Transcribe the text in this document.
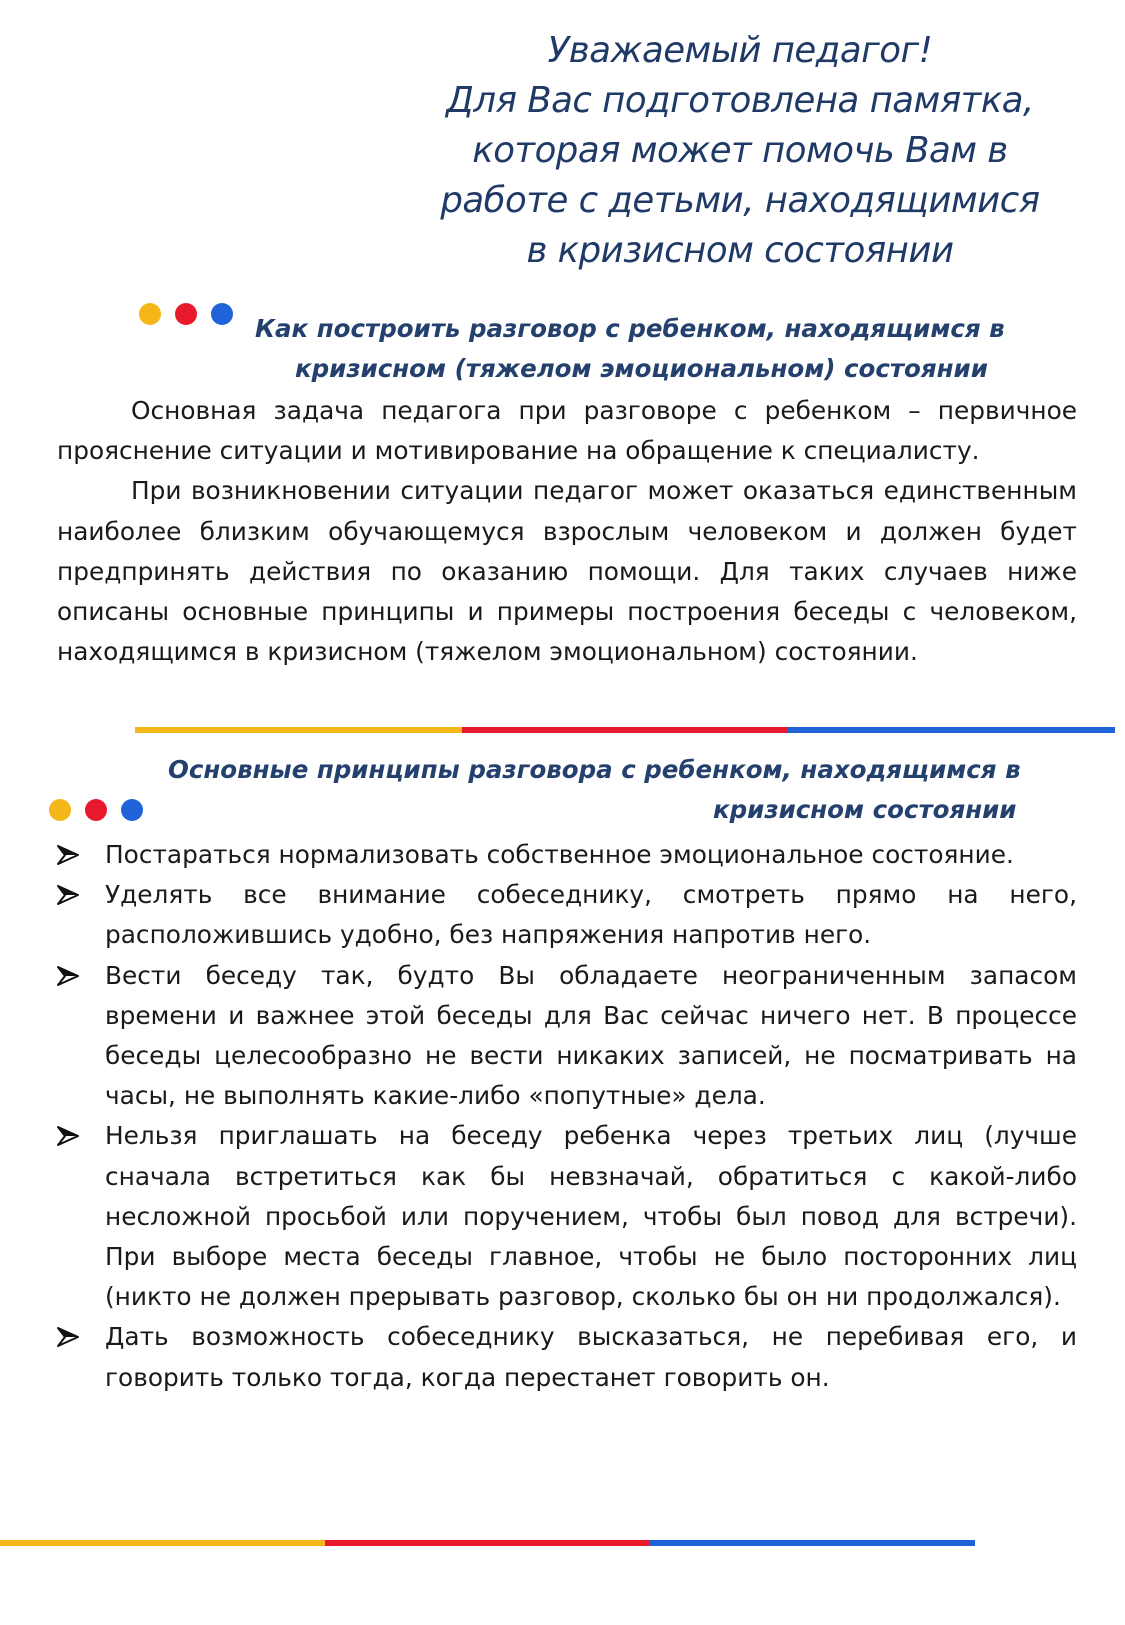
Уважаемый педагог!
Для Вас подготовлена памятка,
которая может помочь Вам в
работе с детьми, находящимися
в кризисном состоянии
Как построить разговор с ребенком, находящимся в
кризисном (тяжелом эмоциональном) состоянии

Основная задача педагога при разговоре с ребенком – первичное прояснение ситуации и мотивирование на обращение к специалисту.

При возникновении ситуации педагог может оказаться единственным наиболее близким обучающемуся взрослым человеком и должен будет предпринять действия по оказанию помощи. Для таких случаев ниже описаны основные принципы и примеры построения беседы с человеком, находящимся в кризисном (тяжелом эмоциональном) состоянии.

Основные принципы разговора с ребенком, находящимся в
кризисном состоянии
Постараться нормализовать собственное эмоциональное состояние.
Уделять все внимание собеседнику, смотреть прямо на него, расположившись удобно, без напряжения напротив него.
Вести беседу так, будто Вы обладаете неограниченным запасом времени и важнее этой беседы для Вас сейчас ничего нет. В процессе беседы целесообразно не вести никаких записей, не посматривать на часы, не выполнять какие-либо «попутные» дела.
Нельзя приглашать на беседу ребенка через третьих лиц (лучше сначала встретиться как бы невзначай, обратиться с какой-либо несложной просьбой или поручением, чтобы был повод для встречи). При выборе места беседы главное, чтобы не было посторонних лиц (никто не должен прерывать разговор, сколько бы он ни продолжался).
Дать возможность собеседнику высказаться, не перебивая его, и говорить только тогда, когда перестанет говорить он.
